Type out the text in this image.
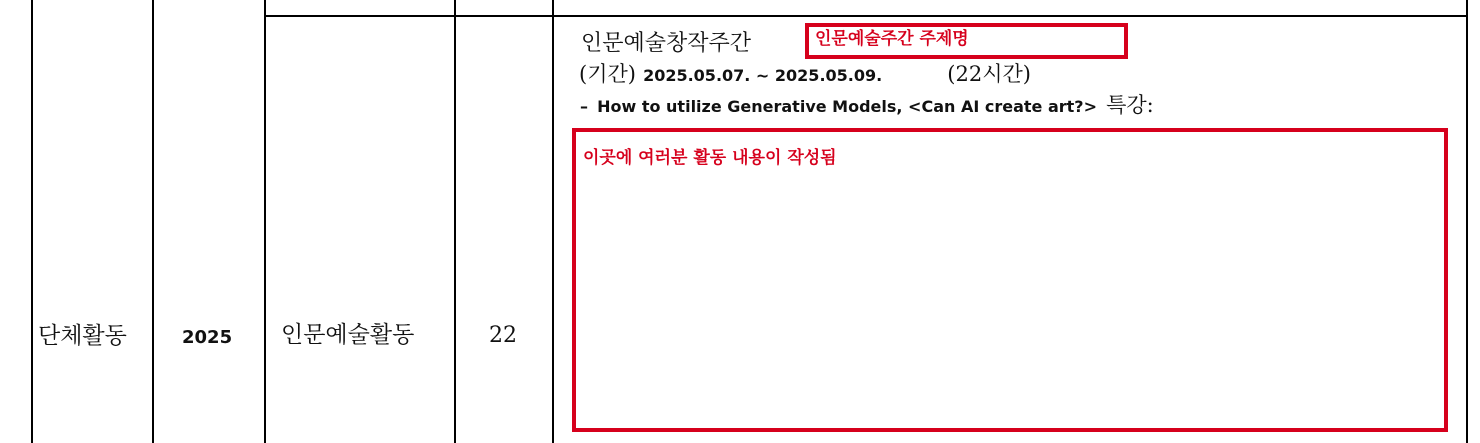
단체활동	2025 인문예술활동	22
인문예술창작주간	인문예술주간 주제명
(기간) 2025.05.07. ~ 2025.05.09.	(22시간)
– How to utilize Generative Models, <Can AI create art?> 특강:
이곳에 여러분 활동 내용이 작성됨
